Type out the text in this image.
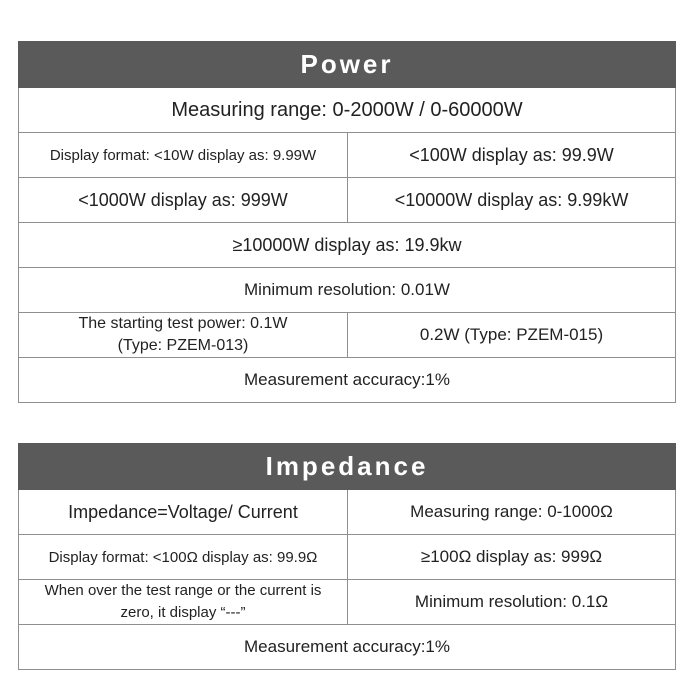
Power	
Measuring range: 0-2000W / 0-60000W	
Display format: <10W display as: 9.99W	<100W display as: 99.9W
<1000W display as: 999W	<10000W display as: 9.99kW
≥10000W display as: 19.9kw	
Minimum resolution: 0.01W	
The starting test power: 0.1W
(Type: PZEM-013)	0.2W (Type: PZEM-015)
Measurement accuracy:1%	
Impedance	
Impedance=Voltage/ Current	Measuring range: 0-1000Ω
Display format: <100Ω display as: 99.9Ω	≥100Ω display as: 999Ω
When over the test range or the current is
zero, it display “---”	Minimum resolution: 0.1Ω
Measurement accuracy:1%	
